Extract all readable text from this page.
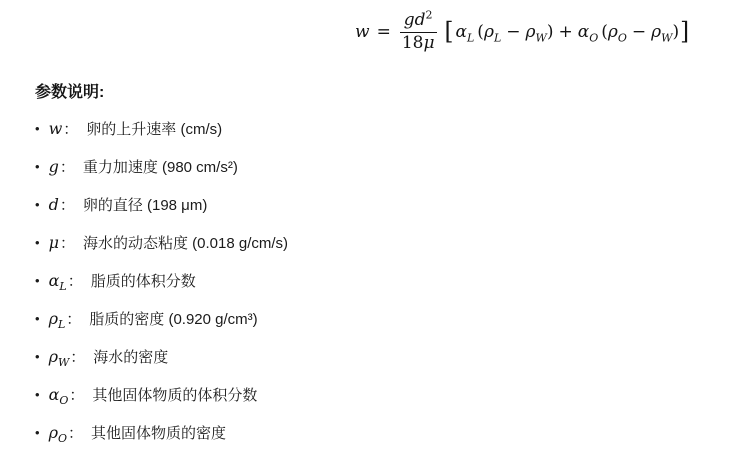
$w = \frac{gd^2}{18\mu}$ [ $\alpha_L$ ( $\rho_L - \rho_W$ ) + $\alpha_O$ ( $\rho_O - \rho_W$ ) ]
参数说明:
• w ： 卵的上升速率 (cm/s)
• g ： 重力加速度 (980 cm/s²)
• d ： 卵的直径 (198 μm)
• μ ： 海水的动态粘度 (0.018 g/cm/s)
• $\alpha_L$ ： 脂质的体积分数
• $\rho_L$ ： 脂质的密度 (0.920 g/cm³)
• $\rho_W$ ： 海水的密度
• $\alpha_O$ ： 其他固体物质的体积分数
• $\rho_O$ ： 其他固体物质的密度
